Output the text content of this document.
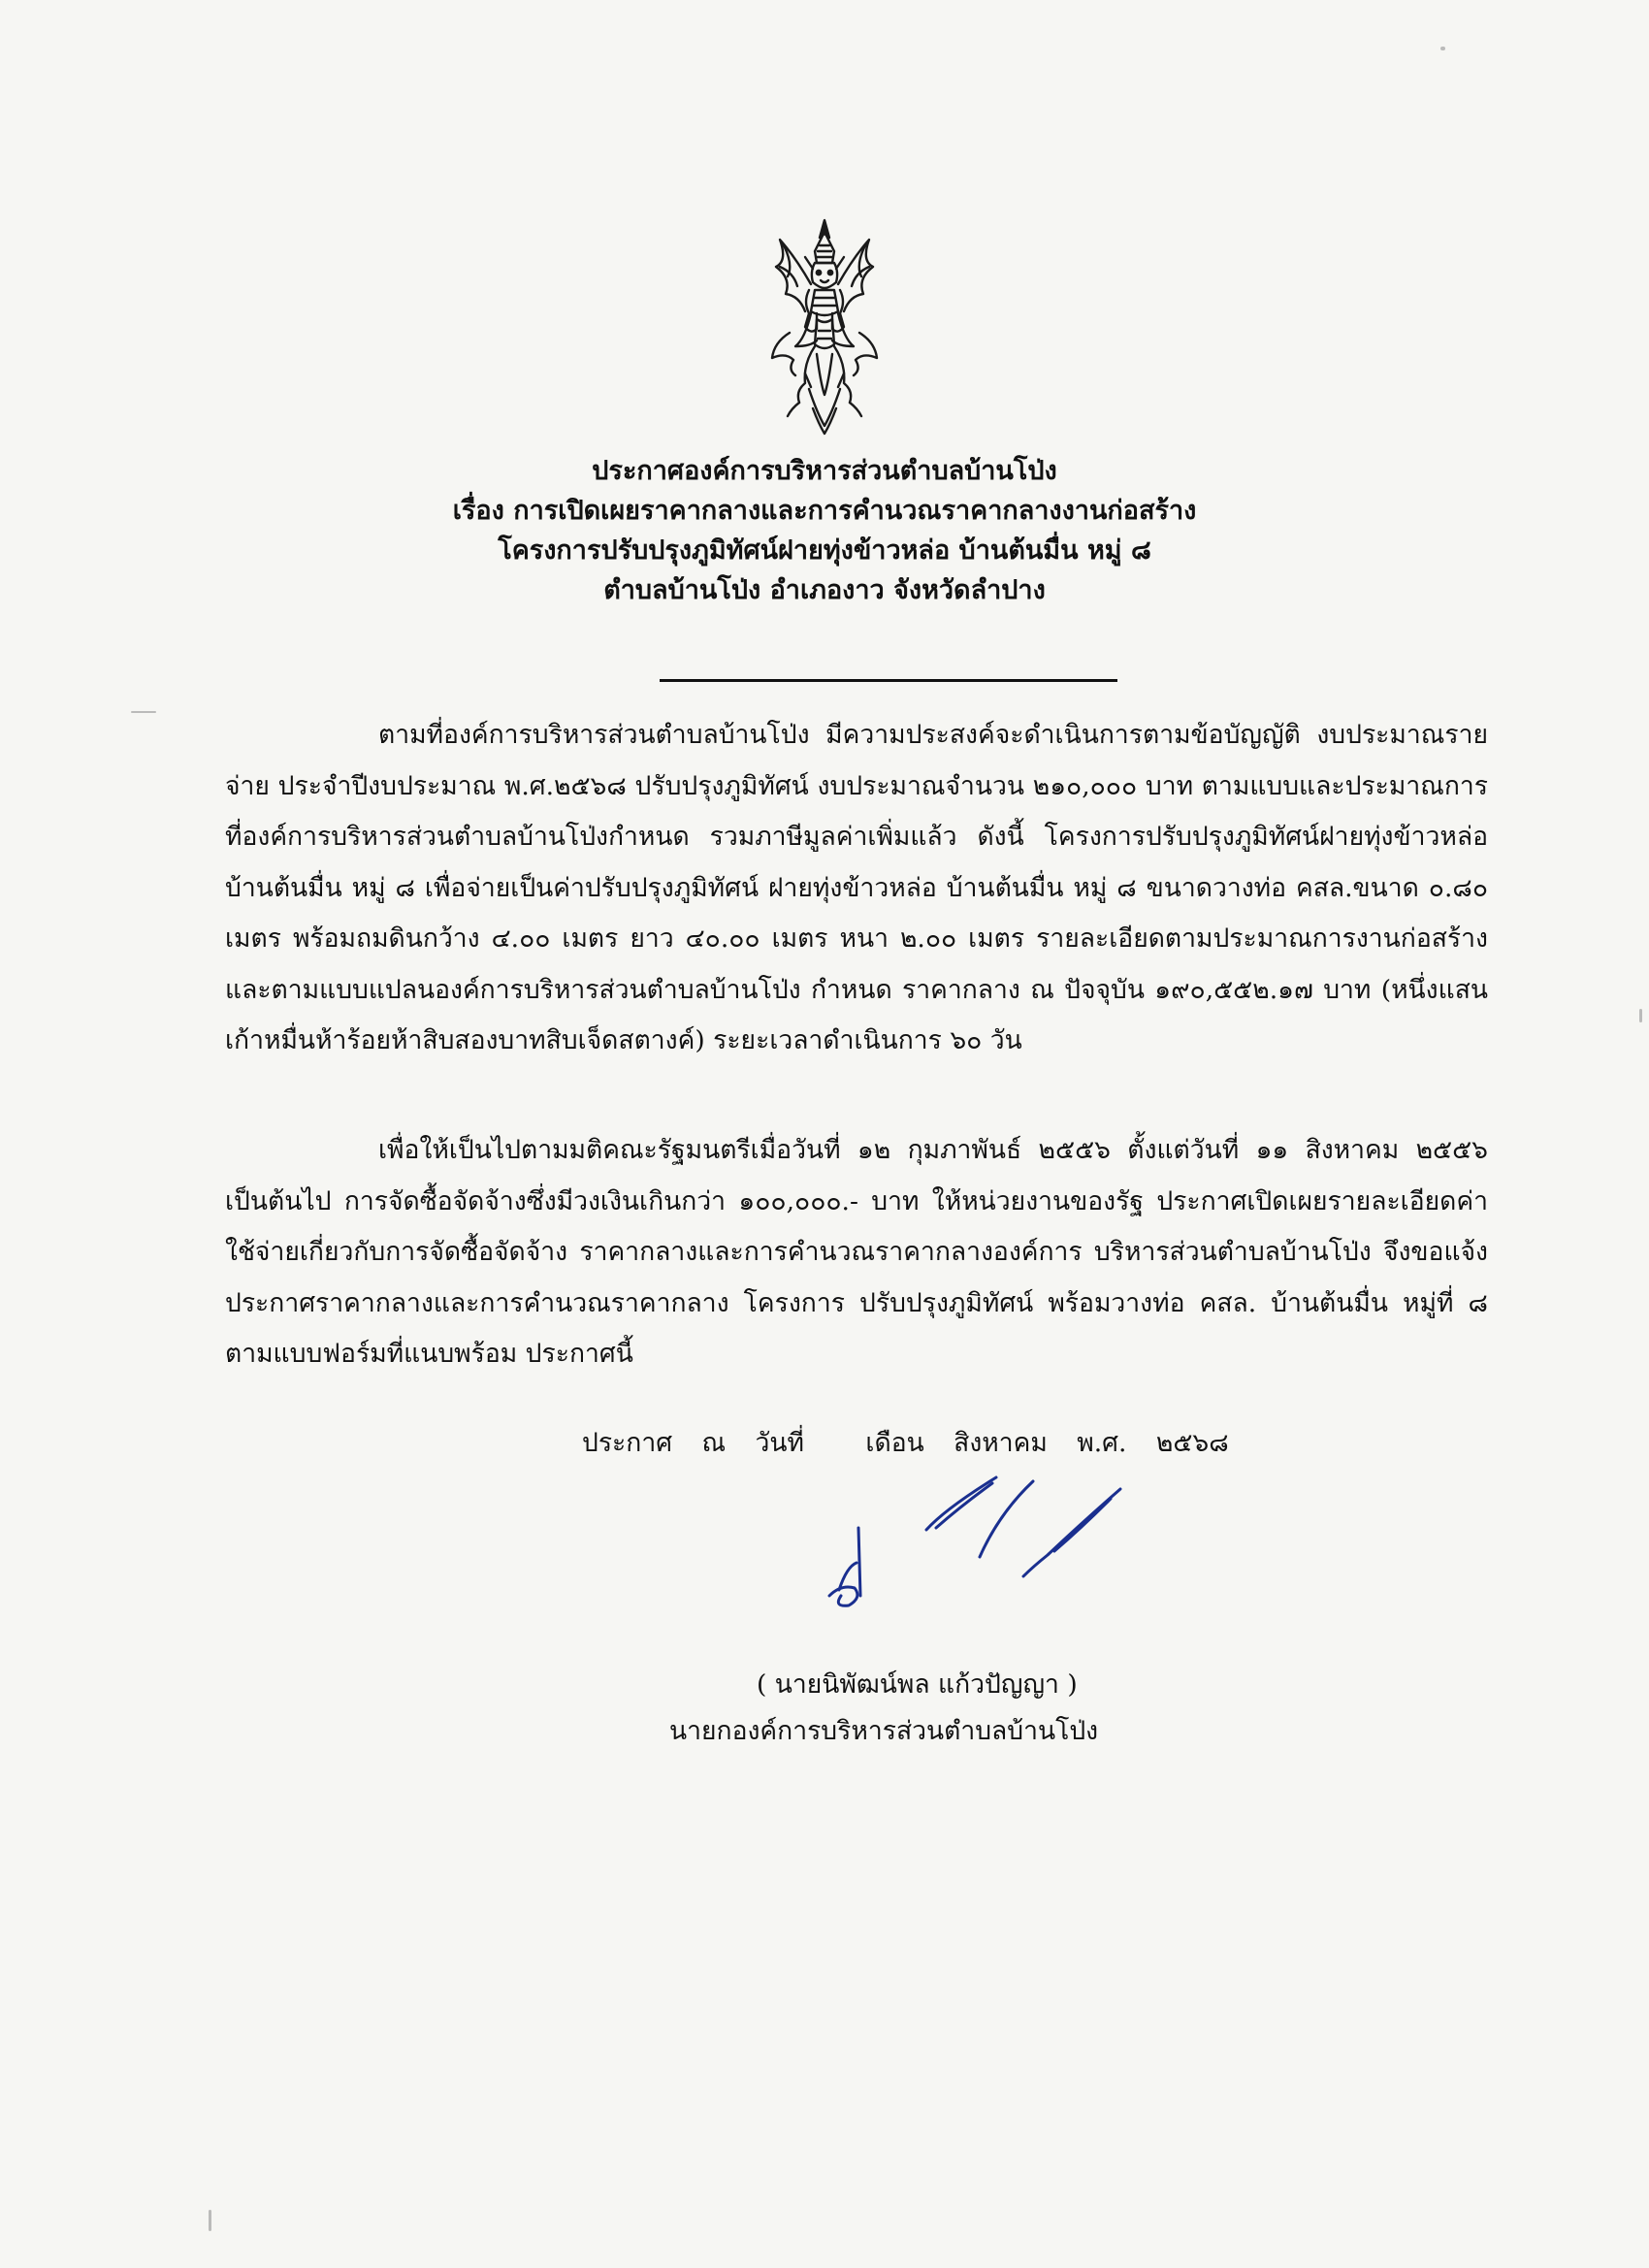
ประกาศองค์การบริหารส่วนตำบลบ้านโป่ง
เรื่อง การเปิดเผยราคากลางและการคำนวณราคากลางงานก่อสร้าง
โครงการปรับปรุงภูมิทัศน์ฝายทุ่งข้าวหล่อ บ้านต้นมื่น หมู่ ๘
ตำบลบ้านโป่ง อำเภองาว จังหวัดลำปาง
ตามที่องค์การบริหารส่วนตำบลบ้านโป่ง มีความประสงค์จะดำเนินการตามข้อบัญญัติ งบประมาณรายจ่าย ประจำปีงบประมาณ พ.ศ.๒๕๖๘ ปรับปรุงภูมิทัศน์ งบประมาณจำนวน ๒๑๐,๐๐๐ บาท ตามแบบและประมาณการที่องค์การบริหารส่วนตำบลบ้านโป่งกำหนด รวมภาษีมูลค่าเพิ่มแล้ว ดังนี้ โครงการปรับปรุงภูมิทัศน์ฝายทุ่งข้าวหล่อ บ้านต้นมื่น หมู่ ๘ เพื่อจ่ายเป็นค่าปรับปรุงภูมิทัศน์ ฝายทุ่งข้าวหล่อ บ้านต้นมื่น หมู่ ๘ ขนาดวางท่อ คสล.ขนาด ๐.๘๐ เมตร พร้อมถมดินกว้าง ๔.๐๐ เมตร ยาว ๔๐.๐๐ เมตร หนา ๒.๐๐ เมตร รายละเอียดตามประมาณการงานก่อสร้างและตามแบบแปลนองค์การบริหารส่วนตำบลบ้านโป่ง กำหนด ราคากลาง ณ ปัจจุบัน ๑๙๐,๕๕๒.๑๗ บาท (หนึ่งแสนเก้าหมื่นห้าร้อยห้าสิบสองบาทสิบเจ็ดสตางค์) ระยะเวลาดำเนินการ ๖๐ วัน
เพื่อให้เป็นไปตามมติคณะรัฐมนตรีเมื่อวันที่ ๑๒ กุมภาพันธ์ ๒๕๕๖ ตั้งแต่วันที่ ๑๑ สิงหาคม ๒๕๕๖ เป็นต้นไป การจัดซื้อจัดจ้างซึ่งมีวงเงินเกินกว่า ๑๐๐,๐๐๐.- บาท ให้หน่วยงานของรัฐ ประกาศเปิดเผยรายละเอียดค่าใช้จ่ายเกี่ยวกับการจัดซื้อจัดจ้าง ราคากลางและการคำนวณราคากลางองค์การ บริหารส่วนตำบลบ้านโป่ง จึงขอแจ้งประกาศราคากลางและการคำนวณราคากลาง โครงการ ปรับปรุงภูมิทัศน์ พร้อมวางท่อ คสล. บ้านต้นมื่น หมู่ที่ ๘ ตามแบบฟอร์มที่แนบพร้อม ประกาศนี้
ประกาศ ณ วันที่ เดือน สิงหาคม พ.ศ. ๒๕๖๘
( นายนิพัฒน์พล แก้วปัญญา )
นายกองค์การบริหารส่วนตำบลบ้านโป่ง
